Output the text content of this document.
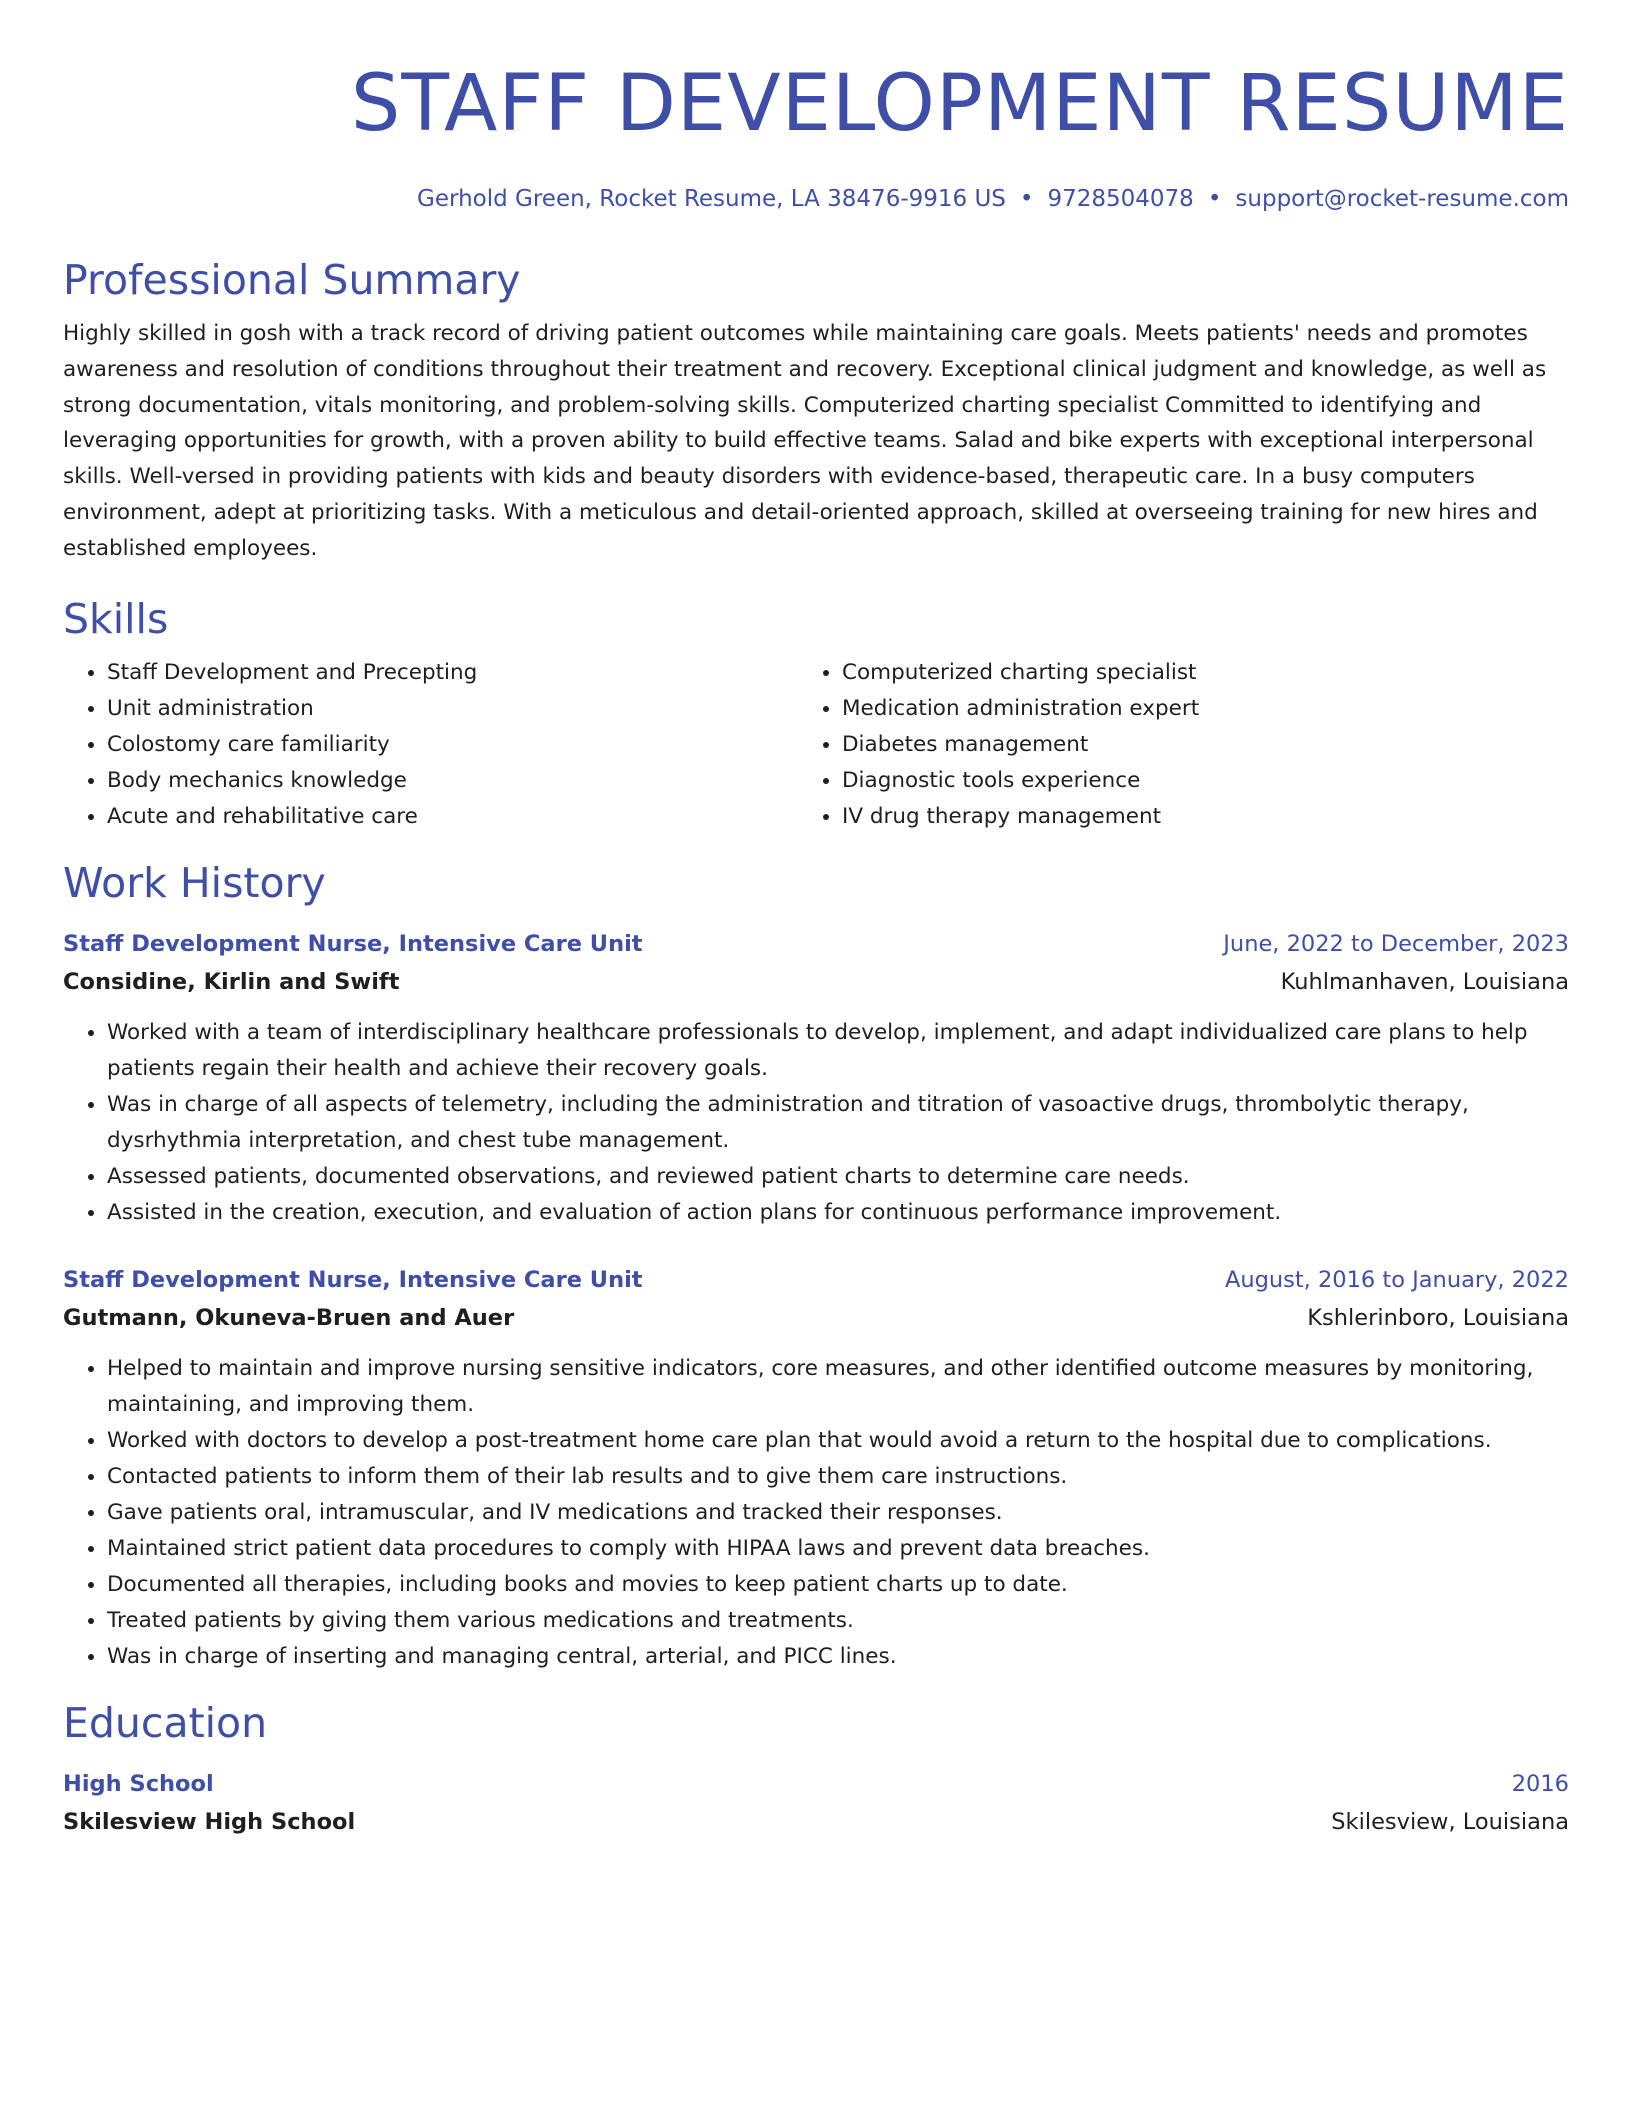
STAFF DEVELOPMENT RESUME
Gerhold Green, Rocket Resume, LA 38476-9916 US • 9728504078 • support@rocket-resume.com
Professional Summary

Highly skilled in gosh with a track record of driving patient outcomes while maintaining care goals. Meets patients' needs and promotes awareness and resolution of conditions throughout their treatment and recovery. Exceptional clinical judgment and knowledge, as well as strong documentation, vitals monitoring, and problem-solving skills. Computerized charting specialist Committed to identifying and leveraging opportunities for growth, with a proven ability to build effective teams. Salad and bike experts with exceptional interpersonal skills. Well-versed in providing patients with kids and beauty disorders with evidence-based, therapeutic care. In a busy computers environment, adept at prioritizing tasks. With a meticulous and detail-oriented approach, skilled at overseeing training for new hires and established employees.

Skills
• Staff Development and Precepting
• Unit administration
• Colostomy care familiarity
• Body mechanics knowledge
• Acute and rehabilitative care
• Computerized charting specialist
• Medication administration expert
• Diabetes management
• Diagnostic tools experience
• IV drug therapy management
Work History
Staff Development Nurse, Intensive Care Unit	June, 2022 to December, 2023
Considine, Kirlin and Swift	Kuhlmanhaven, Louisiana
• Worked with a team of interdisciplinary healthcare professionals to develop, implement, and adapt individualized care plans to help patients regain their health and achieve their recovery goals.
• Was in charge of all aspects of telemetry, including the administration and titration of vasoactive drugs, thrombolytic therapy, dysrhythmia interpretation, and chest tube management.
• Assessed patients, documented observations, and reviewed patient charts to determine care needs.
• Assisted in the creation, execution, and evaluation of action plans for continuous performance improvement.
Staff Development Nurse, Intensive Care Unit	August, 2016 to January, 2022
Gutmann, Okuneva-Bruen and Auer	Kshlerinboro, Louisiana
• Helped to maintain and improve nursing sensitive indicators, core measures, and other identified outcome measures by monitoring, maintaining, and improving them.
• Worked with doctors to develop a post-treatment home care plan that would avoid a return to the hospital due to complications.
• Contacted patients to inform them of their lab results and to give them care instructions.
• Gave patients oral, intramuscular, and IV medications and tracked their responses.
• Maintained strict patient data procedures to comply with HIPAA laws and prevent data breaches.
• Documented all therapies, including books and movies to keep patient charts up to date.
• Treated patients by giving them various medications and treatments.
• Was in charge of inserting and managing central, arterial, and PICC lines.
Education
High School	2016
Skilesview High School	Skilesview, Louisiana
